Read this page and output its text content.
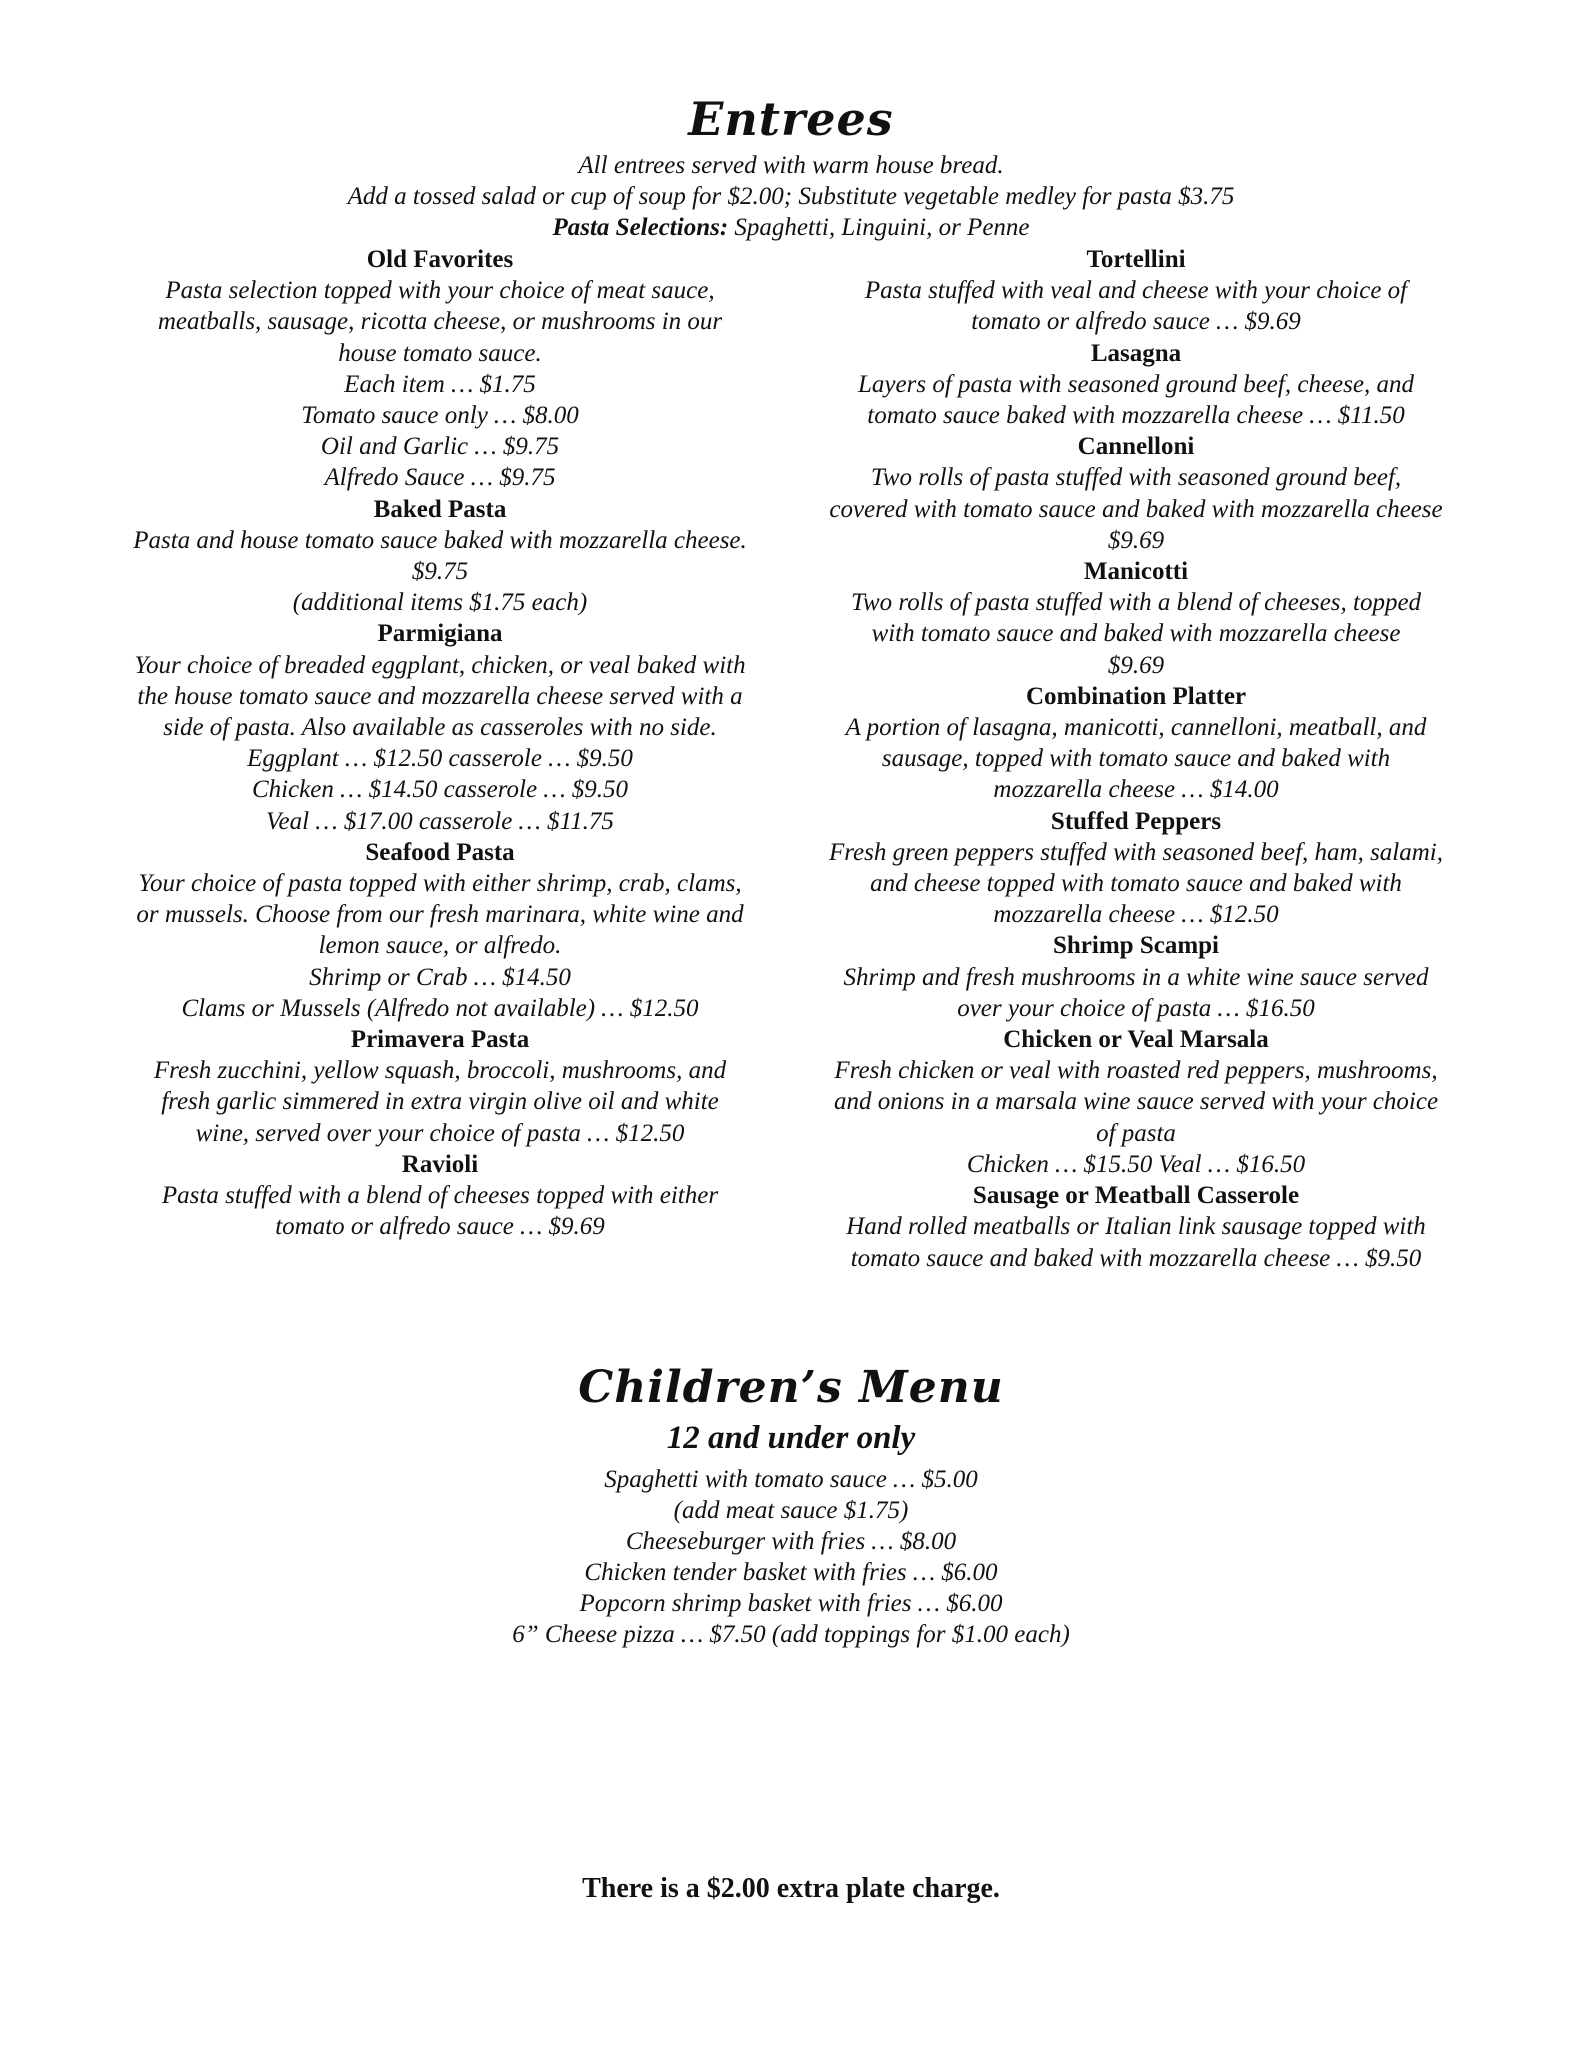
Entrees
All entrees served with warm house bread.
Add a tossed salad or cup of soup for $2.00; Substitute vegetable medley for pasta $3.75
Pasta Selections: Spaghetti, Linguini, or Penne
Old Favorites
Pasta selection topped with your choice of meat sauce,
meatballs, sausage, ricotta cheese, or mushrooms in our
house tomato sauce.
Each item … $1.75
Tomato sauce only … $8.00
Oil and Garlic … $9.75
Alfredo Sauce … $9.75
Baked Pasta
Pasta and house tomato sauce baked with mozzarella cheese.
$9.75
(additional items $1.75 each)
Parmigiana
Your choice of breaded eggplant, chicken, or veal baked with
the house tomato sauce and mozzarella cheese served with a
side of pasta. Also available as casseroles with no side.
Eggplant … $12.50 casserole … $9.50
Chicken … $14.50 casserole … $9.50
Veal … $17.00 casserole … $11.75
Seafood Pasta
Your choice of pasta topped with either shrimp, crab, clams,
or mussels. Choose from our fresh marinara, white wine and
lemon sauce, or alfredo.
Shrimp or Crab … $14.50
Clams or Mussels (Alfredo not available) … $12.50
Primavera Pasta
Fresh zucchini, yellow squash, broccoli, mushrooms, and
fresh garlic simmered in extra virgin olive oil and white
wine, served over your choice of pasta … $12.50
Ravioli
Pasta stuffed with a blend of cheeses topped with either
tomato or alfredo sauce … $9.69
Tortellini
Pasta stuffed with veal and cheese with your choice of
tomato or alfredo sauce … $9.69
Lasagna
Layers of pasta with seasoned ground beef, cheese, and
tomato sauce baked with mozzarella cheese … $11.50
Cannelloni
Two rolls of pasta stuffed with seasoned ground beef,
covered with tomato sauce and baked with mozzarella cheese
$9.69
Manicotti
Two rolls of pasta stuffed with a blend of cheeses, topped
with tomato sauce and baked with mozzarella cheese
$9.69
Combination Platter
A portion of lasagna, manicotti, cannelloni, meatball, and
sausage, topped with tomato sauce and baked with
mozzarella cheese … $14.00
Stuffed Peppers
Fresh green peppers stuffed with seasoned beef, ham, salami,
and cheese topped with tomato sauce and baked with
mozzarella cheese … $12.50
Shrimp Scampi
Shrimp and fresh mushrooms in a white wine sauce served
over your choice of pasta … $16.50
Chicken or Veal Marsala
Fresh chicken or veal with roasted red peppers, mushrooms,
and onions in a marsala wine sauce served with your choice
of pasta
Chicken … $15.50 Veal … $16.50
Sausage or Meatball Casserole
Hand rolled meatballs or Italian link sausage topped with
tomato sauce and baked with mozzarella cheese … $9.50
Children’s Menu
12 and under only
Spaghetti with tomato sauce … $5.00
(add meat sauce $1.75)
Cheeseburger with fries … $8.00
Chicken tender basket with fries … $6.00
Popcorn shrimp basket with fries … $6.00
6” Cheese pizza … $7.50 (add toppings for $1.00 each)
There is a $2.00 extra plate charge.
